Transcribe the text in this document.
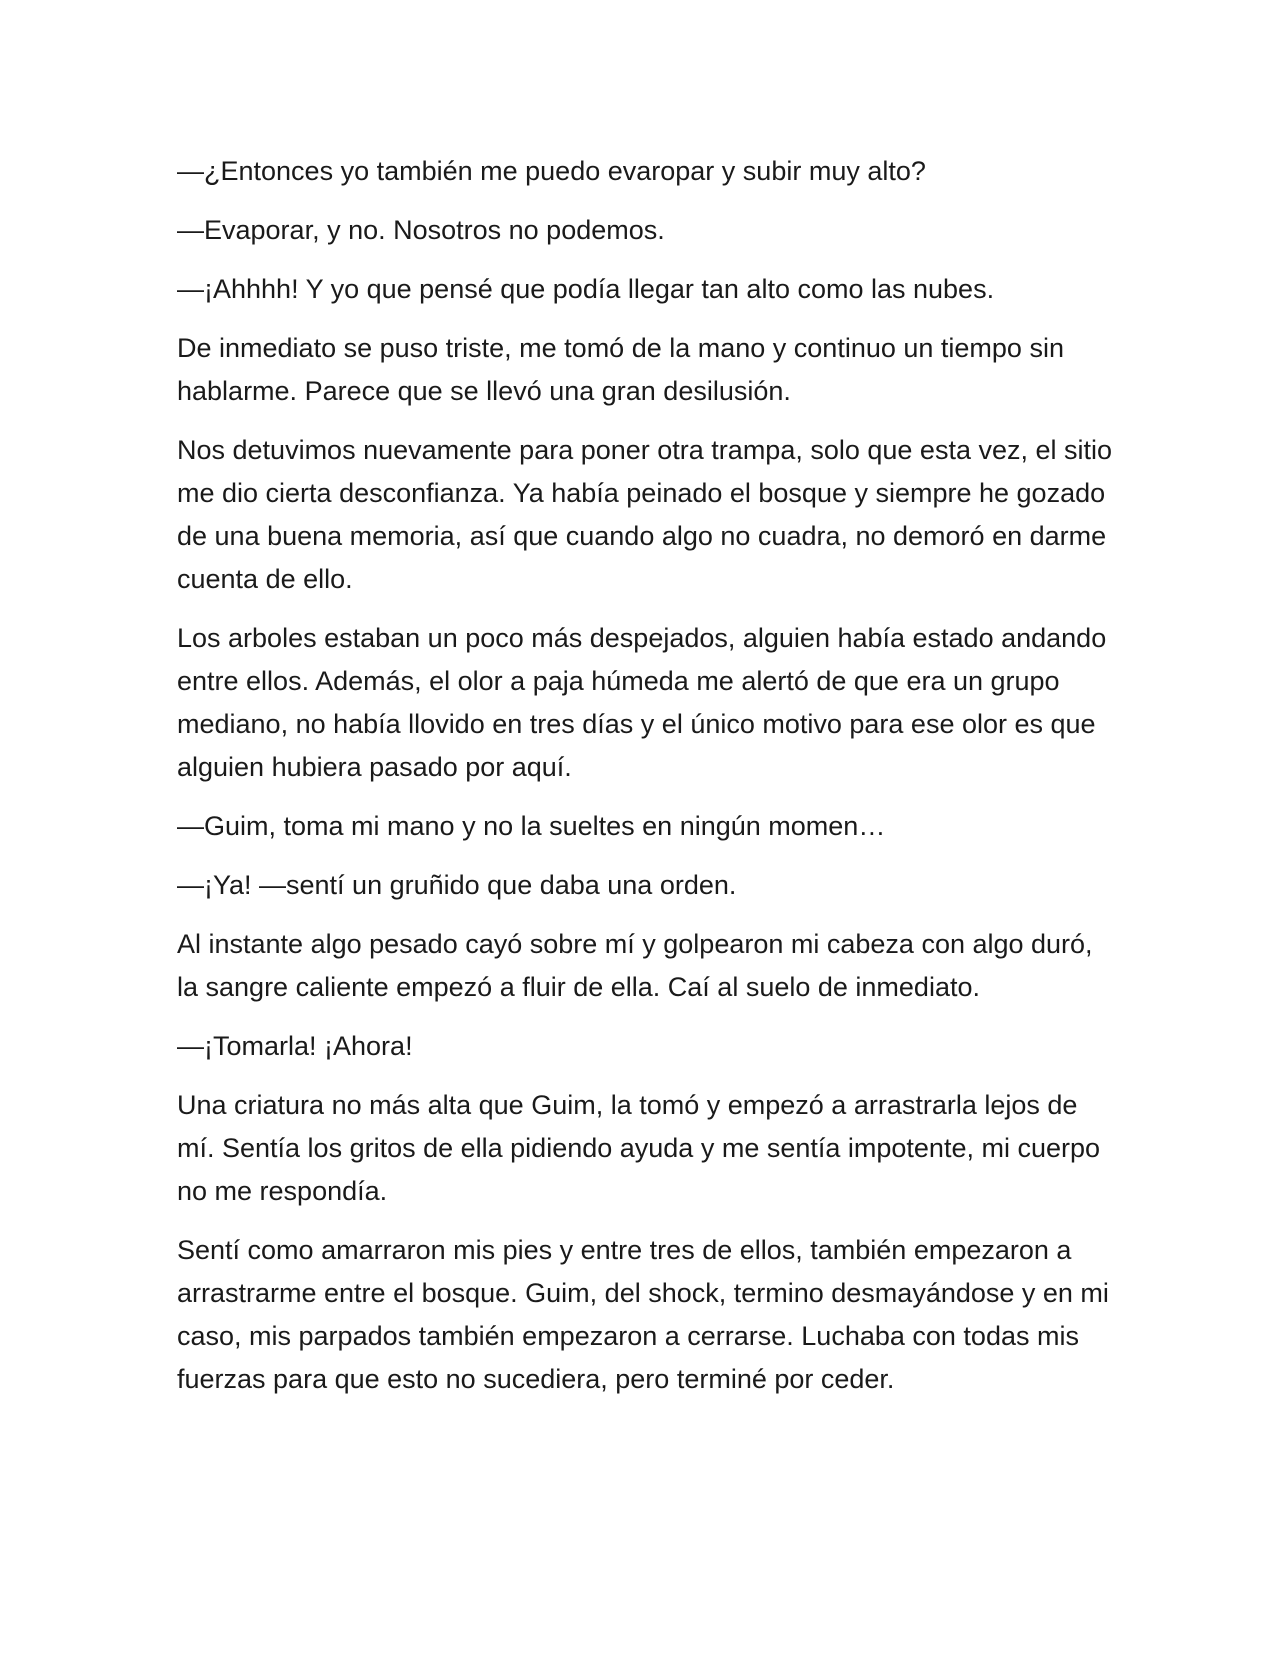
—¿Entonces yo también me puedo evaropar y subir muy alto?

—Evaporar, y no. Nosotros no podemos.

—¡Ahhhh! Y yo que pensé que podía llegar tan alto como las nubes.

De inmediato se puso triste, me tomó de la mano y continuo un tiempo sin hablarme. Parece que se llevó una gran desilusión.

Nos detuvimos nuevamente para poner otra trampa, solo que esta vez, el sitio me dio cierta desconfianza. Ya había peinado el bosque y siempre he gozado de una buena memoria, así que cuando algo no cuadra, no demoró en darme cuenta de ello.

Los arboles estaban un poco más despejados, alguien había estado andando entre ellos. Además, el olor a paja húmeda me alertó de que era un grupo mediano, no había llovido en tres días y el único motivo para ese olor es que alguien hubiera pasado por aquí.

—Guim, toma mi mano y no la sueltes en ningún momen…

—¡Ya! —sentí un gruñido que daba una orden.

Al instante algo pesado cayó sobre mí y golpearon mi cabeza con algo duró, la sangre caliente empezó a fluir de ella. Caí al suelo de inmediato.

—¡Tomarla! ¡Ahora!

Una criatura no más alta que Guim, la tomó y empezó a arrastrarla lejos de mí. Sentía los gritos de ella pidiendo ayuda y me sentía impotente, mi cuerpo no me respondía.

Sentí como amarraron mis pies y entre tres de ellos, también empezaron a arrastrarme entre el bosque. Guim, del shock, termino desmayándose y en mi caso, mis parpados también empezaron a cerrarse. Luchaba con todas mis fuerzas para que esto no sucediera, pero terminé por ceder.
